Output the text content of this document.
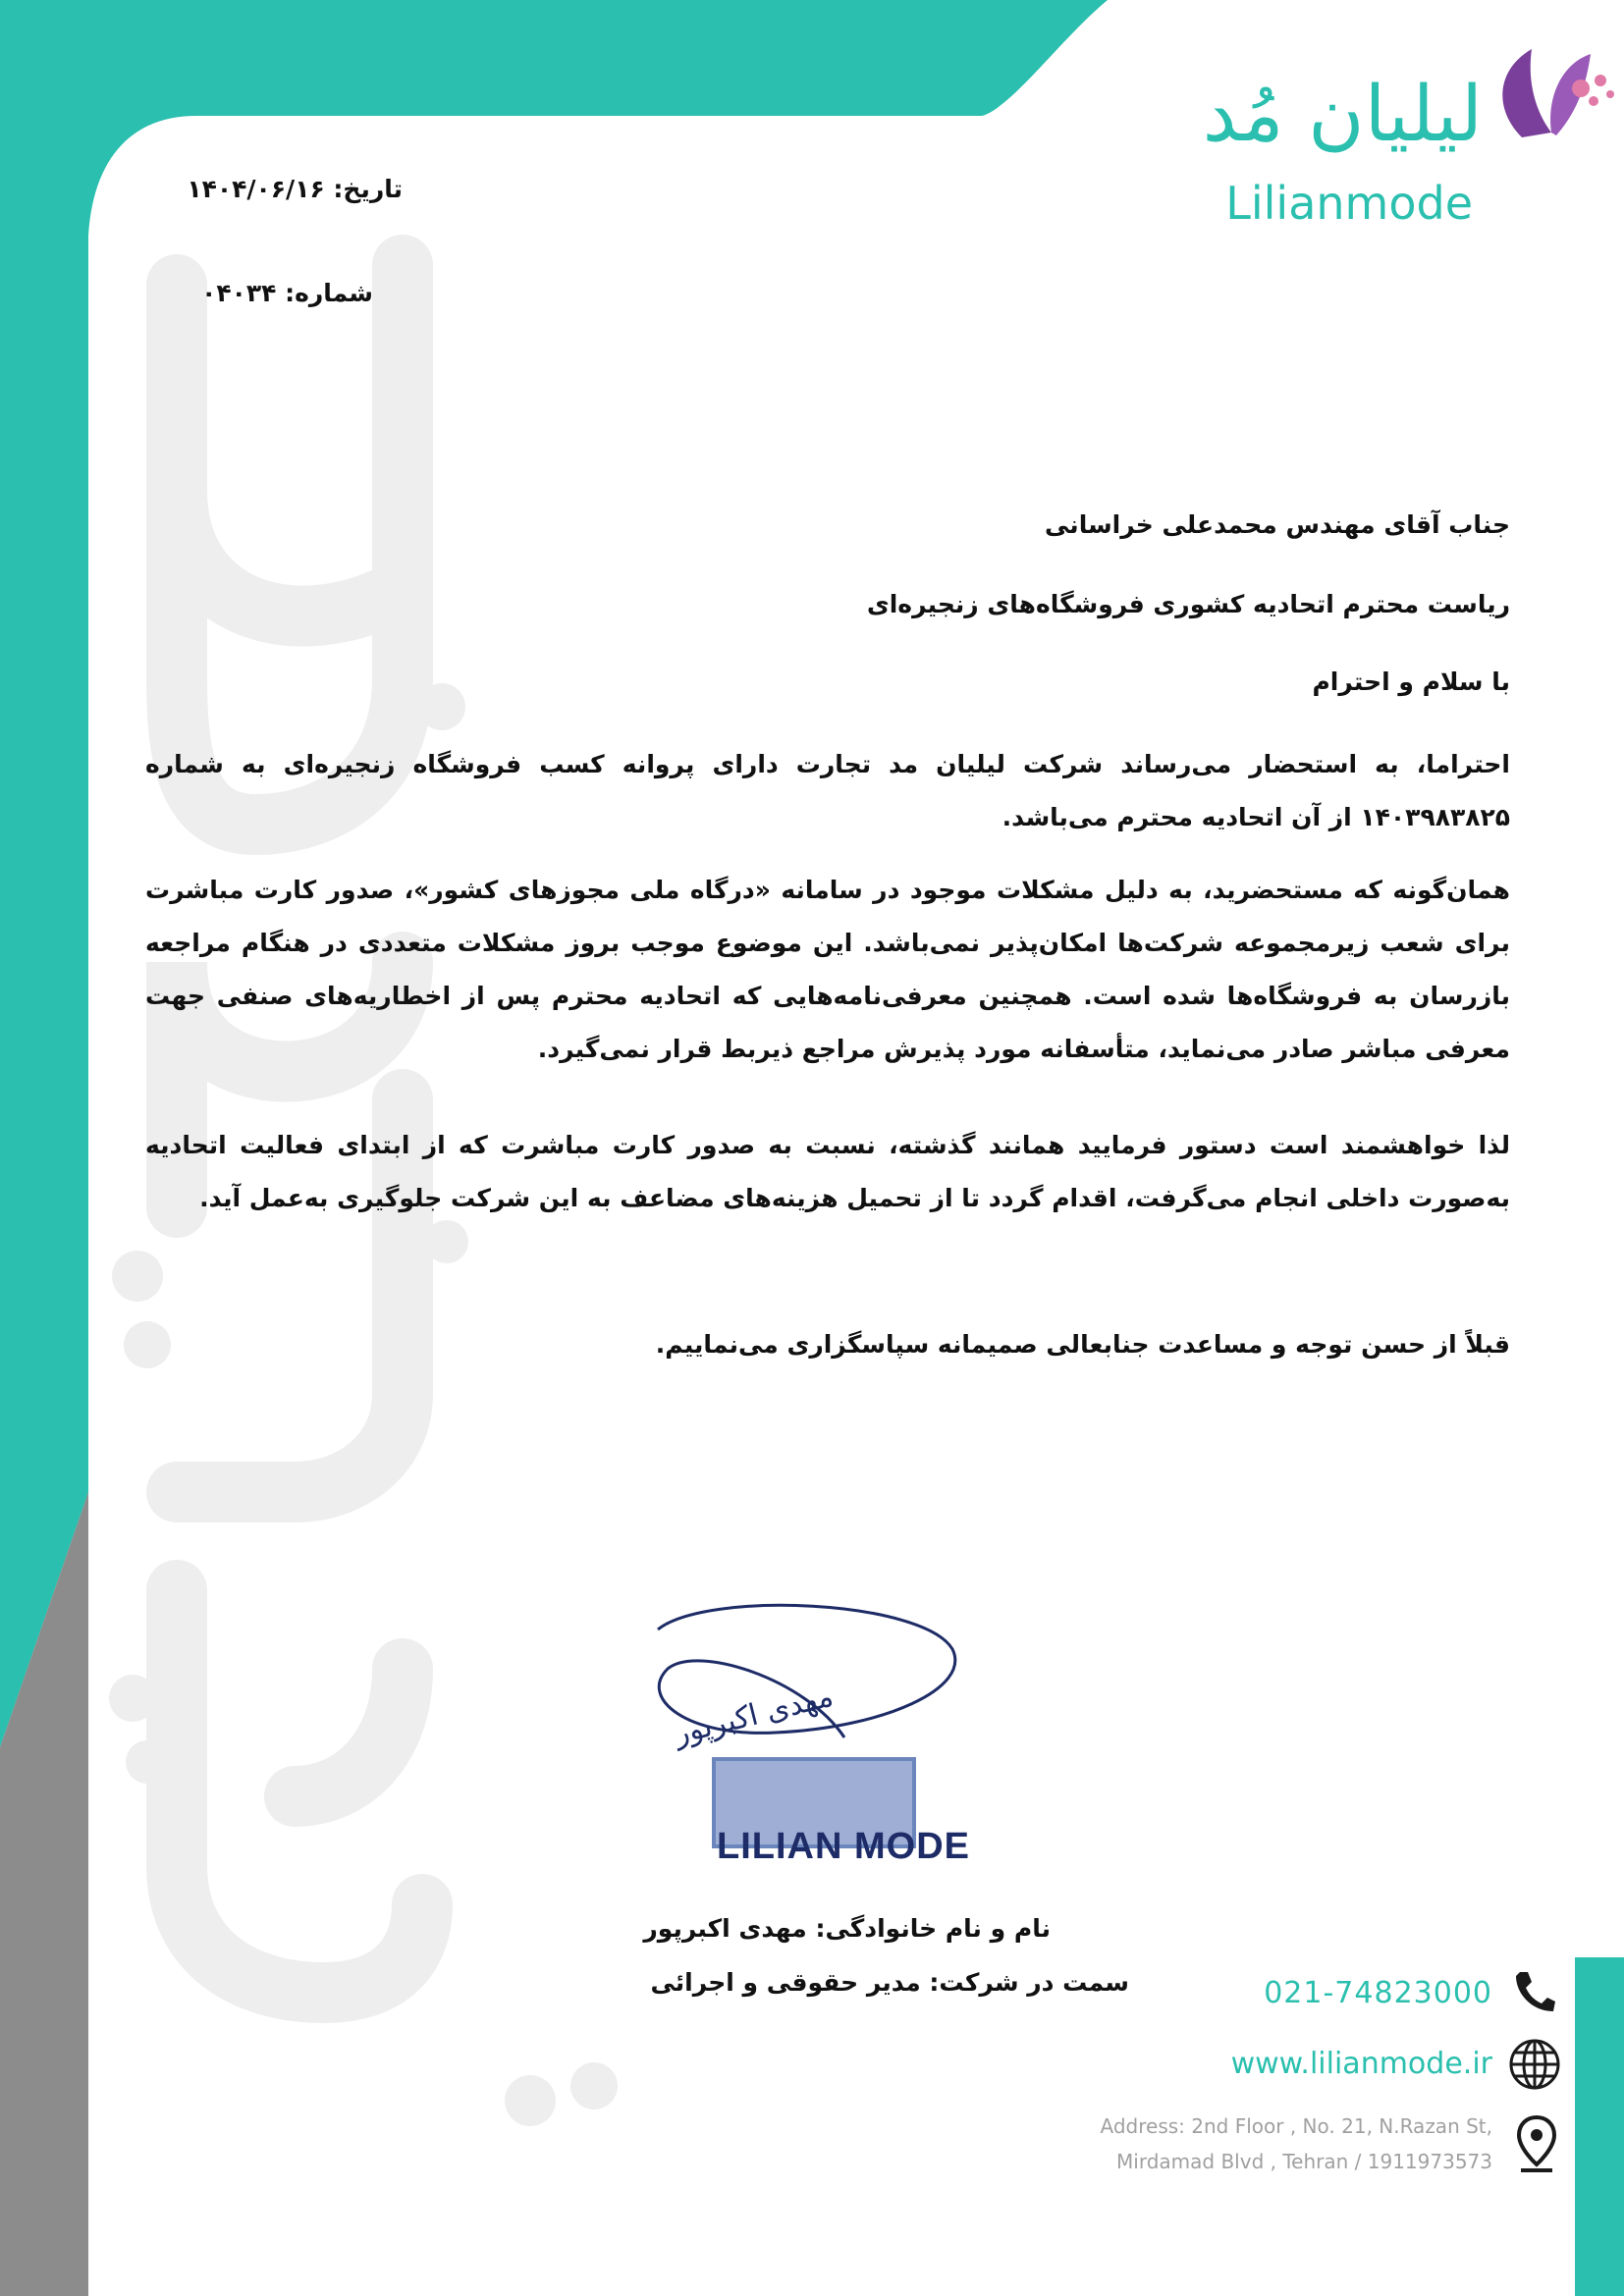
لیلیان مُد
Lilianmode
تاریخ: ۱۴۰۴/۰۶/۱۶
شماره: ۰۴۰۳۴

جناب آقای مهندس محمدعلی خراسانی

ریاست محترم اتحادیه کشوری فروشگاه‌های زنجیره‌ای

با سلام و احترام

احتراما، به استحضار می‌رساند شرکت لیلیان مد تجارت دارای پروانه کسب فروشگاه زنجیره‌ای به شماره ۱۴۰۳۹۸۳۸۲۵ از آن اتحادیه محترم می‌باشد.

همان‌گونه که مستحضرید، به دلیل مشکلات موجود در سامانه «درگاه ملی مجوزهای کشور»، صدور کارت مباشرت برای شعب زیرمجموعه شرکت‌ها امکان‌پذیر نمی‌باشد. این موضوع موجب بروز مشکلات متعددی در هنگام مراجعه بازرسان به فروشگاه‌ها شده است. همچنین معرفی‌نامه‌هایی که اتحادیه محترم پس از اخطاریه‌های صنفی جهت معرفی مباشر صادر می‌نماید، متأسفانه مورد پذیرش مراجع ذیربط قرار نمی‌گیرد.

لذا خواهشمند است دستور فرمایید همانند گذشته، نسبت به صدور کارت مباشرت که از ابتدای فعالیت اتحادیه به‌صورت داخلی انجام می‌گرفت، اقدام گردد تا از تحمیل هزینه‌های مضاعف به این شرکت جلوگیری به‌عمل آید.

قبلاً از حسن توجه و مساعدت جنابعالی صمیمانه سپاسگزاری می‌نماییم.

مهدی اکبرپور
LILIAN MODE

نام و نام خانوادگی: مهدی اکبرپور

سمت در شرکت: مدیر حقوقی و اجرائی	021-74823000
www.lilianmode.ir
Address: 2nd Floor , No. 21, N.Razan St,
Mirdamad Blvd , Tehran / 1911973573
